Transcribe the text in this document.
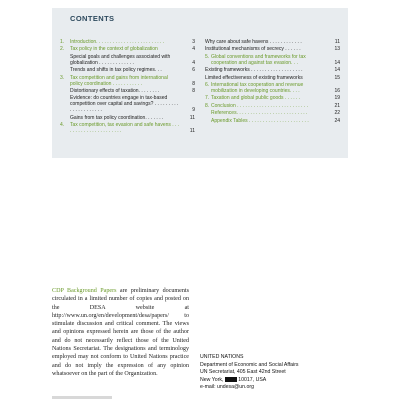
CONTENTS
1.	Introduction. . . . . . . . . . . . . . . . . . . . . . . . .	3
2.	Tax policy in the context of globalization	4
Special goals and challenges associated with globalization . . . . . . . . . . . . .	4
Trends and shifts in tax policy regimes. . .	6
3.	Tax competition and gains from international policy coordination . . . . . . . . . . .	8
Distortionary effects of taxation. . . . . . . .	8
Evidence: do countries engage in tax-based competition over capital and savings? . . . . . . . . . . . . . . . . . . . . .	9
Gains from tax policy coordination. . . . . . .	11
4.	Tax competition, tax evasion and safe havens . . . . . . . . . . . . . . . . . . . . . .	11
Why care about safe havens . . . . . . . . . . . .	11
Institutional mechanisms of secrecy . . . . . .	13
5. Global conventions and frameworks for tax cooperation and against tax evasion. . .	14
Existing frameworks . . . . . . . . . . . . . . . . . . .	14
Limited effectiveness of existing frameworks	15
6. International tax cooperation and revenue mobilization in developing countries. . . .	16
7. Taxation and global public goods . . . . . .	19
8. Conclusion . . . . . . . . . . . . . . . . . . . . . . . . . .	21
References. . . . . . . . . . . . . . . . . . . . . . . . . .	22
Appendix Tables . . . . . . . . . . . . . . . . . . . . . .	24
CDP Background Papers are preliminary documents circulated in a limited number of copies and posted on the DESA website at http://www.un.org/en/development/desa/papers/ to stimulate discussion and critical comment. The views and opinions expressed herein are those of the author and do not necessarily reflect those of the United Nations Secretariat. The designations and terminology employed may not conform to United Nations practice and do not imply the expression of any opinion whatsoever on the part of the Organization.
UNITED NATIONS
Department of Economic and Social Affairs
UN Secretariat, 405 East 42nd Street
New York,	10017, USA
e-mail: undesa@un.org
